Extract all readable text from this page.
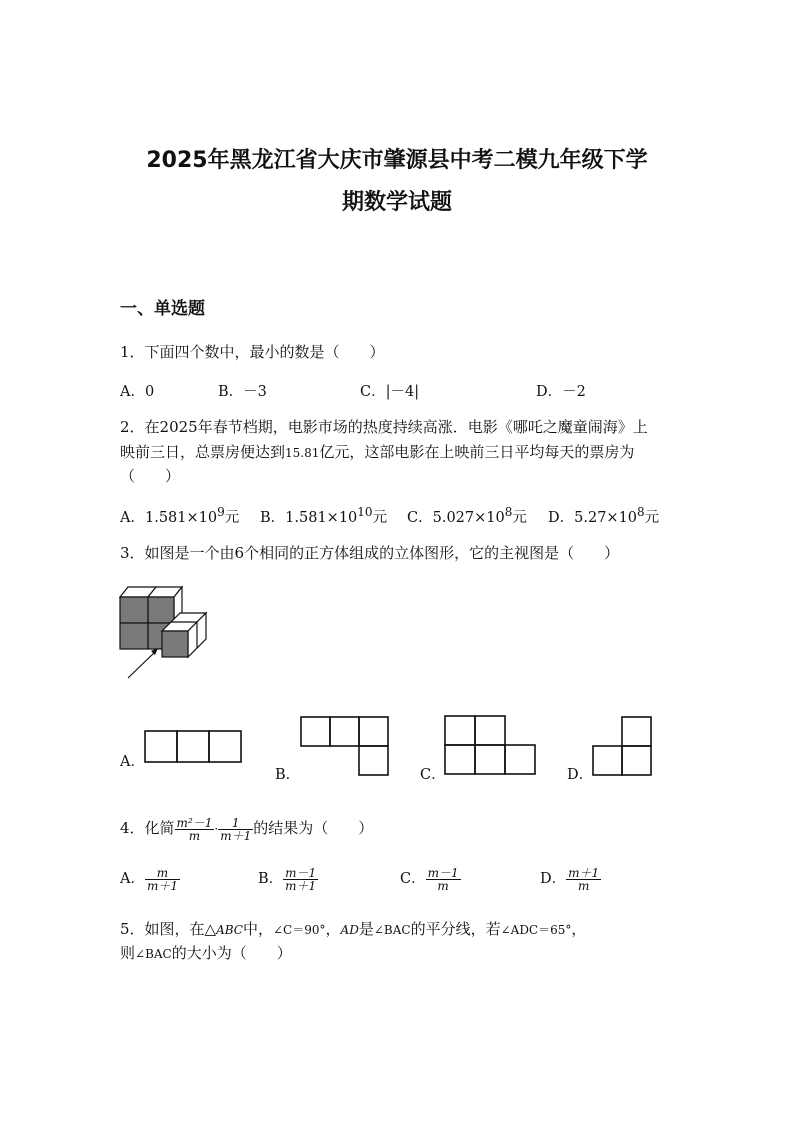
2025年黑龙江省大庆市肇源县中考二模九年级下学
期数学试题
一、单选题
1．下面四个数中，最小的数是（　　）
A．0	B．－3	C．|－4|	D．－2
2．在2025年春节档期，电影市场的热度持续高涨．电影《哪吒之魔童闹海》上
映前三日，总票房便达到15.81亿元，这部电影在上映前三日平均每天的票房为
（　　）
A．$1.581\times 10^9$元 B．$1.581\times 10^{10}$元 C．$5.027\times 10^8$元 D．$5.27\times 10^8$元
3．如图是一个由6个相同的正方体组成的立体图形，它的主视图是（　　）
A．
B．	C．	D．
4．化简 $\frac{\text{m²－1}}{m} \cdot \frac{1}{m+1}$ 的结果为（　　）
A． $\frac{m}{m+1}$	B． $\frac{m-1}{m+1}$	C． $\frac{m-1}{m}$	D． $\frac{m+1}{m}$
5．如图，在△ABC中，∠C＝90°，AD是∠BAC的平分线，若∠ADC＝65°，
则∠BAC的大小为（　　）
